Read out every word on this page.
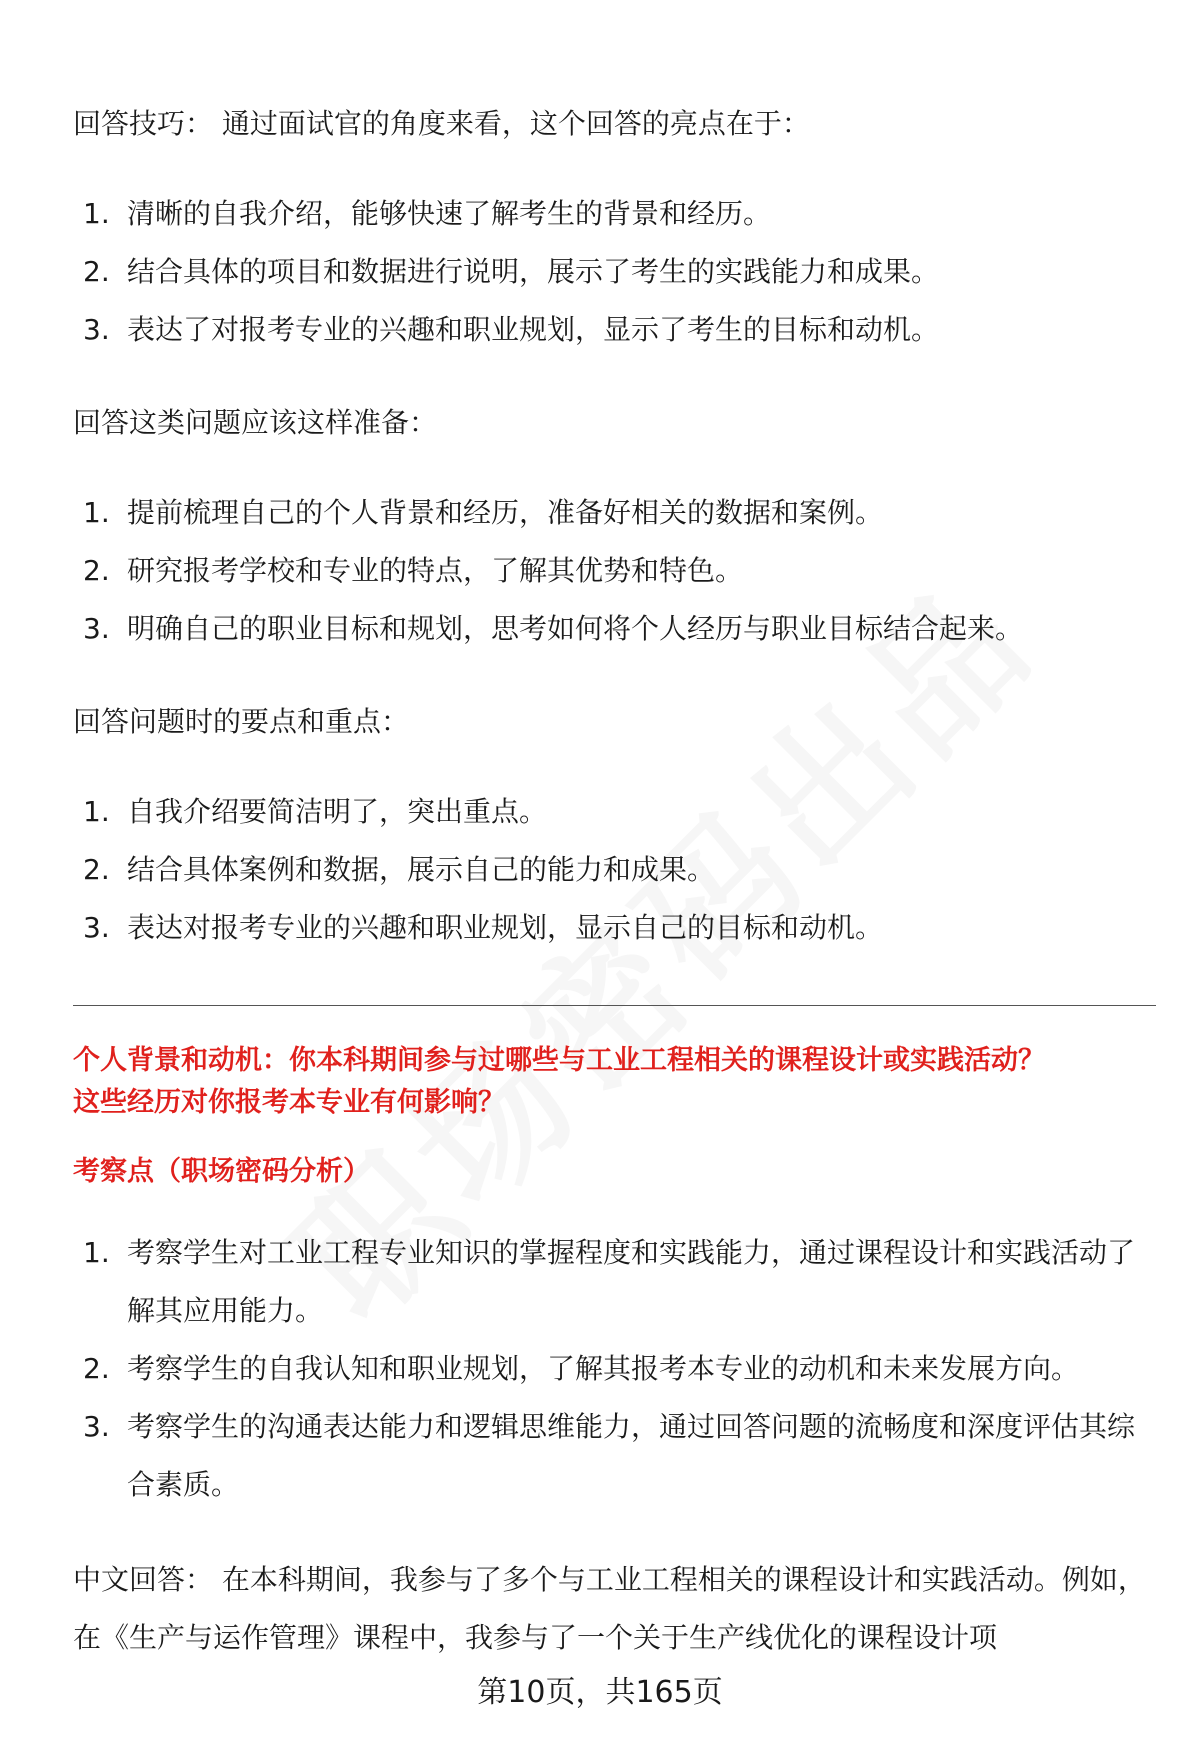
回答技巧： 通过面试官的角度来看，这个回答的亮点在于：
1. 清晰的自我介绍，能够快速了解考生的背景和经历。
2. 结合具体的项目和数据进行说明，展示了考生的实践能力和成果。
3. 表达了对报考专业的兴趣和职业规划，显示了考生的目标和动机。
回答这类问题应该这样准备：
1. 提前梳理自己的个人背景和经历，准备好相关的数据和案例。
2. 研究报考学校和专业的特点，了解其优势和特色。
3. 明确自己的职业目标和规划，思考如何将个人经历与职业目标结合起来。
回答问题时的要点和重点：
1. 自我介绍要简洁明了，突出重点。
2. 结合具体案例和数据，展示自己的能力和成果。
3. 表达对报考专业的兴趣和职业规划，显示自己的目标和动机。
个人背景和动机：你本科期间参与过哪些与工业工程相关的课程设计或实践活动？
这些经历对你报考本专业有何影响？
考察点（职场密码分析）
1. 考察学生对工业工程专业知识的掌握程度和实践能力，通过课程设计和实践活动了解其应用能力。
2. 考察学生的自我认知和职业规划，了解其报考本专业的动机和未来发展方向。
3. 考察学生的沟通表达能力和逻辑思维能力，通过回答问题的流畅度和深度评估其综合素质。
中文回答： 在本科期间，我参与了多个与工业工程相关的课程设计和实践活动。例如，在《生产与运作管理》课程中，我参与了一个关于生产线优化的课程设计项
第10页，共165页
